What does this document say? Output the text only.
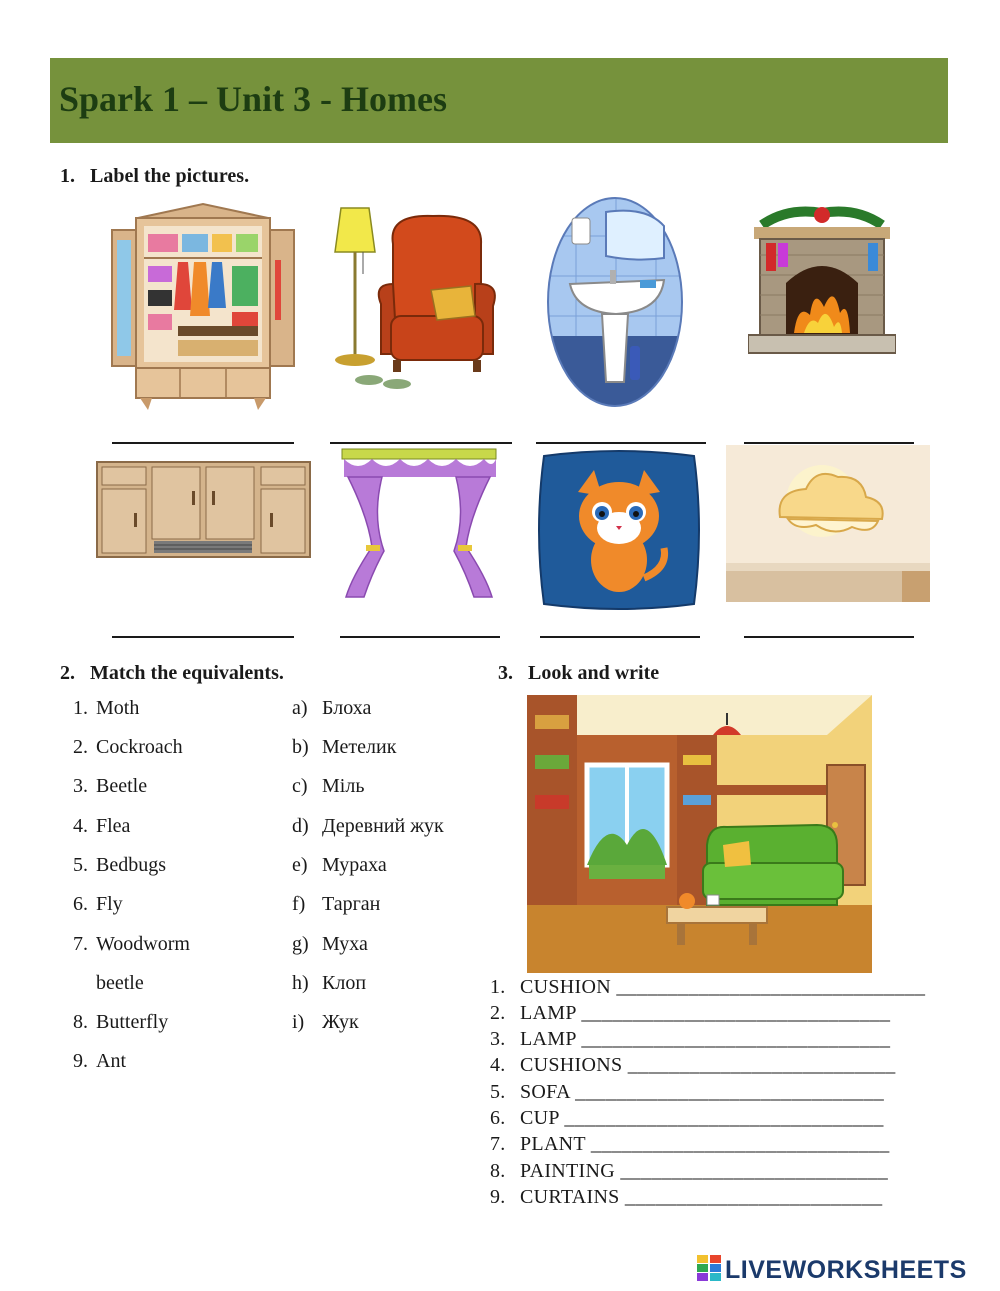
Spark 1 – Unit 3 - Homes
1. Label the pictures.
2. Match the equivalents.
1. Moth
2. Cockroach
3. Beetle
4. Flea
5. Bedbugs
6. Fly
7. Woodworm
beetle
8. Butterfly
9. Ant
a) Блоха
b) Метелик
c) Міль
d) Деревний жук
e) Мураха
f) Тарган
g) Муха
h) Клоп
i) Жук
3. Look and write
1. CUSHION ______________________________
2. LAMP ______________________________
3. LAMP ______________________________
4. CUSHIONS __________________________
5. SOFA ______________________________
6. CUP _______________________________
7. PLANT _____________________________
8. PAINTING __________________________
9. CURTAINS _________________________
LIVEWORKSHEETS
